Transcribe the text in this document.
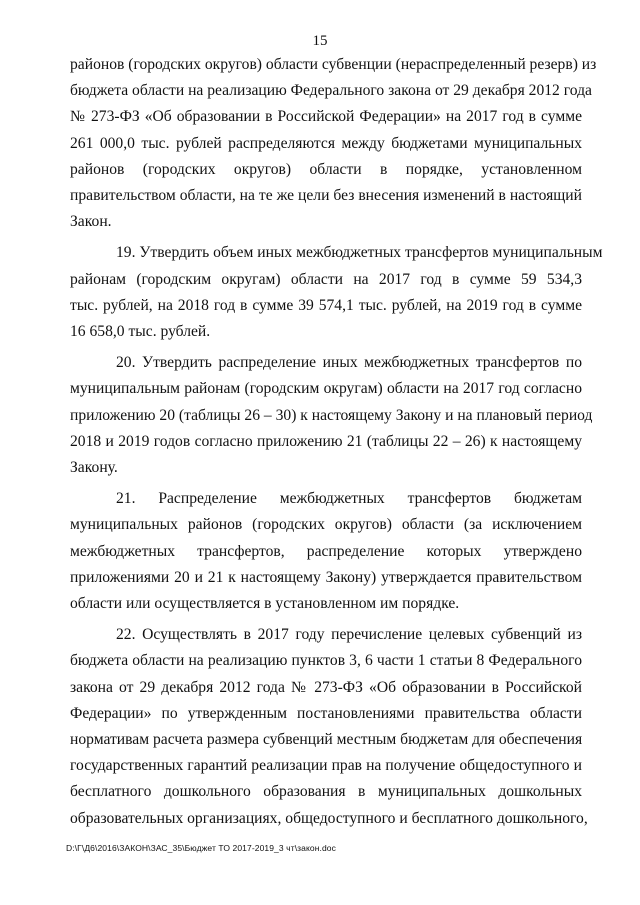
15

районов (городских округов) области субвенции (нераспределенный резерв) из
бюджета области на реализацию Федерального закона от 29 декабря 2012 года
№ 273-ФЗ «Об образовании в Российской Федерации» на 2017 год в сумме
261 000,0 тыс. рублей распределяются между бюджетами муниципальных
районов (городских округов) области в порядке, установленном
правительством области, на те же цели без внесения изменений в настоящий
Закон.

19. Утвердить объем иных межбюджетных трансфертов муниципальным
районам (городским округам) области на 2017 год в сумме 59 534,3
тыс. рублей, на 2018 год в сумме 39 574,1 тыс. рублей, на 2019 год в сумме
16 658,0 тыс. рублей.

20. Утвердить распределение иных межбюджетных трансфертов по
муниципальным районам (городским округам) области на 2017 год согласно
приложению 20 (таблицы 26 – 30) к настоящему Закону и на плановый период
2018 и 2019 годов согласно приложению 21 (таблицы 22 – 26) к настоящему
Закону.

21. Распределение межбюджетных трансфертов бюджетам
муниципальных районов (городских округов) области (за исключением
межбюджетных трансфертов, распределение которых утверждено
приложениями 20 и 21 к настоящему Закону) утверждается правительством
области или осуществляется в установленном им порядке.

22. Осуществлять в 2017 году перечисление целевых субвенций из
бюджета области на реализацию пунктов 3, 6 части 1 статьи 8 Федерального
закона от 29 декабря 2012 года № 273-ФЗ «Об образовании в Российской
Федерации» по утвержденным постановлениями правительства области
нормативам расчета размера субвенций местным бюджетам для обеспечения
государственных гарантий реализации прав на получение общедоступного и
бесплатного дошкольного образования в муниципальных дошкольных
образовательных организациях, общедоступного и бесплатного дошкольного,

D:\Г\Д6\2016\ЗАКОН\ЗАС_35\Бюджет ТО 2017-2019_3 чт\закон.doc
